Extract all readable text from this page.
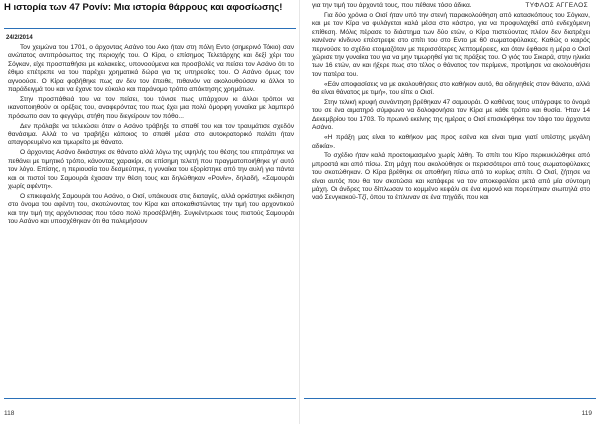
Η ιστορία των 47 Ρονίν: Μια ιστορία θάρρους και αφοσίωσης!
24/2/2014

Τον χειμώνα του 1701, ο άρχοντας Ασάνο του Ακο ήταν στη πόλη Εντο (σημερινό Τόκιο) σαν ανώτατος αντιπρόσωπος της περιοχής του. Ο Κίρα, ο επίσημος Τελετάρχης και δεξί χέρι του Σόγκαν, είχε προσπαθήσει με κολακείες, υπονοούμενα και προσβολές να πείσει τον Ασάνο ότι το έθιμο επέτρεπε να του παρέχει χρηματικά δώρα για τις υπηρεσίες του. Ο Ασάνο όμως τον αγνοούσε. Ο Κίρα φοβήθηκε πως αν δεν τον έπειθε, πιθανόν να ακολουθούσαν κι άλλοι το παράδειγμά του και να έχανε τον εύκολο και παράνομο τρόπο απόκτησης χρημάτων.

Στην προσπάθειά του να τον πείσει, του τόνισε πως υπάρχουν κι άλλοι τρόποι να ικανοποιηθούν οι ορέξεις του, αναφερόντας του πως έχει μια πολύ όμορφη γυναίκα με λαμπερό πρόσωπο σαν το φεγγάρι, στήθη που διεγείρουν τον πόθο...

Δεν πρόλαβε να τελειώσει όταν ο Ασάνο τράβηξε το σπαθί του και τον τραυμάτισε σχεδόν θανάσιμα. Αλλά το να τραβήξει κάποιος το σπαθί μέσα στο αυτοκρατορικό παλάτι ήταν απαγορευμένο και τιμωρείτο με θάνατο.

Ο άρχοντας Ασάνο δικάστηκε σε θάνατο αλλά λόγω της υψηλής του θέσης του επιτράπηκε να πεθάνει με τιμητικό τρόπο, κάνοντας χαρακίρι, σε επίσημη τελετή που πραγματοποιήθηκε γι' αυτό τον λόγο. Επίσης, η περιουσία του δεσμεύτηκε, η γυναίκα του εξορίστηκε από την αυλή για πάντα και οι πιστοί του Σαμουράι έχασαν την θέση τους και δηλώθηκαν «Ρονίν», δηλαδή, «Σαμουράι χωρίς αφέντη».

Ο επικεφαλής Σαμουράι του Ασάνο, ο Οισί, υπάκουσε στις διαταγές, αλλά ορκίστηκε εκδίκηση στο όνομα του αφέντη του, σκοτώνοντας τον Κίρα και αποκαθιστώντας την τιμή του αρχοντικού και την τιμή της αρχόντισσας που τόσο πολύ προσέβλήθη. Συγκέντρωσε τους πιστούς Σαμουράι του Ασάνο και υποσχέθηκαν ότι θα πολεμήσουν

118
ΤΥΦΛΟΣ ΑΓΓΕΛΟΣ

για την τιμή του άρχοντά τους, που πέθανε τόσο άδικα.

Για δύο χρόνια ο Οισί ήταν υπό την στενή παρακολούθηση από κατασκόπους του Σόγκαν, και με τον Κίρα να φυλάγεται καλά μέσα στο κάστρο, για να προφυλαχθεί από ενδεχόμενη επίθεση. Μόλις πέρασε το διάστημα των δύο ετών, ο Κίρα πιστεύοντας πλέον δεν διατρέχει κανέναν κίνδυνο επέστρεψε στο σπίτι του στο Εντο με 60 σωματοφύλακες. Καθώς ο καιρός περνούσε το σχέδιο ετοιμαζόταν με περισσότερες λεπτομέρειες, και όταν έφθασε η μέρα ο Οισί χώρισε την γυναίκα του για να μην τιμωρηθεί για τις πράξεις του. Ο γιός του Σικαρά, στην ηλικία των 16 ετών, αν και ήξερε πως στο τέλος ο θάνατος τον περίμενε, προτίμησε να ακολουθήσει τον πατέρα του.

«Εάν αποφασίσεις να με ακολουθήσεις στο καθήκον αυτό, θα οδηγηθείς στον θάνατο, αλλά θα είναι θάνατος με τιμή», του είπε ο Οισί.

Στην τελική κρυφή συνάντηση βρέθηκαν 47 σαμουράι. Ο καθένας τους υπόγραψε το όνομά του σε ένα αιματηρό σύμφωνο να δολοφονήσει τον Κίρα με κάθε τρόπο και θυσία. Ήταν 14 Δεκεμβρίου του 1703. Το πρωινό εκείνης της ημέρας ο Οισί επισκέφθηκε τον τάφο του άρχοντα Ασάνο.

«Η πράξη μας είναι το καθήκον μας προς εσένα και είναι τιμια γιατί υπέστης μεγάλη αδικία».

Το σχέδιο ήταν καλά προετοιμασμένο χωρίς λάθη. Το σπίτι του Κίρο περικυκλώθηκε από μπροστά και από πίσω. Στη μάχη που ακολούθησε οι περισσότεροι από τους σωματοφύλακες του σκοτώθηκαν. Ο Κίρα βρέθηκε σε αποθήκη πίσω από το κυρίως σπίτι. Ο Οισί, ζήτησε να είναι αυτός που θα τον σκοτώσει και κατάφερε να τον αποκεφαλίσει μετά από μία σύντομη μάχη. Οι άνδρες του δίπλωσαν το κομμένο κεφάλι σε ένα κιμονό και πορεύτηκαν σιωπηλά στο ναό Σενγκακού-Τζί, όπου το έπλυναν σε ένα πηγάδι, που και

119
